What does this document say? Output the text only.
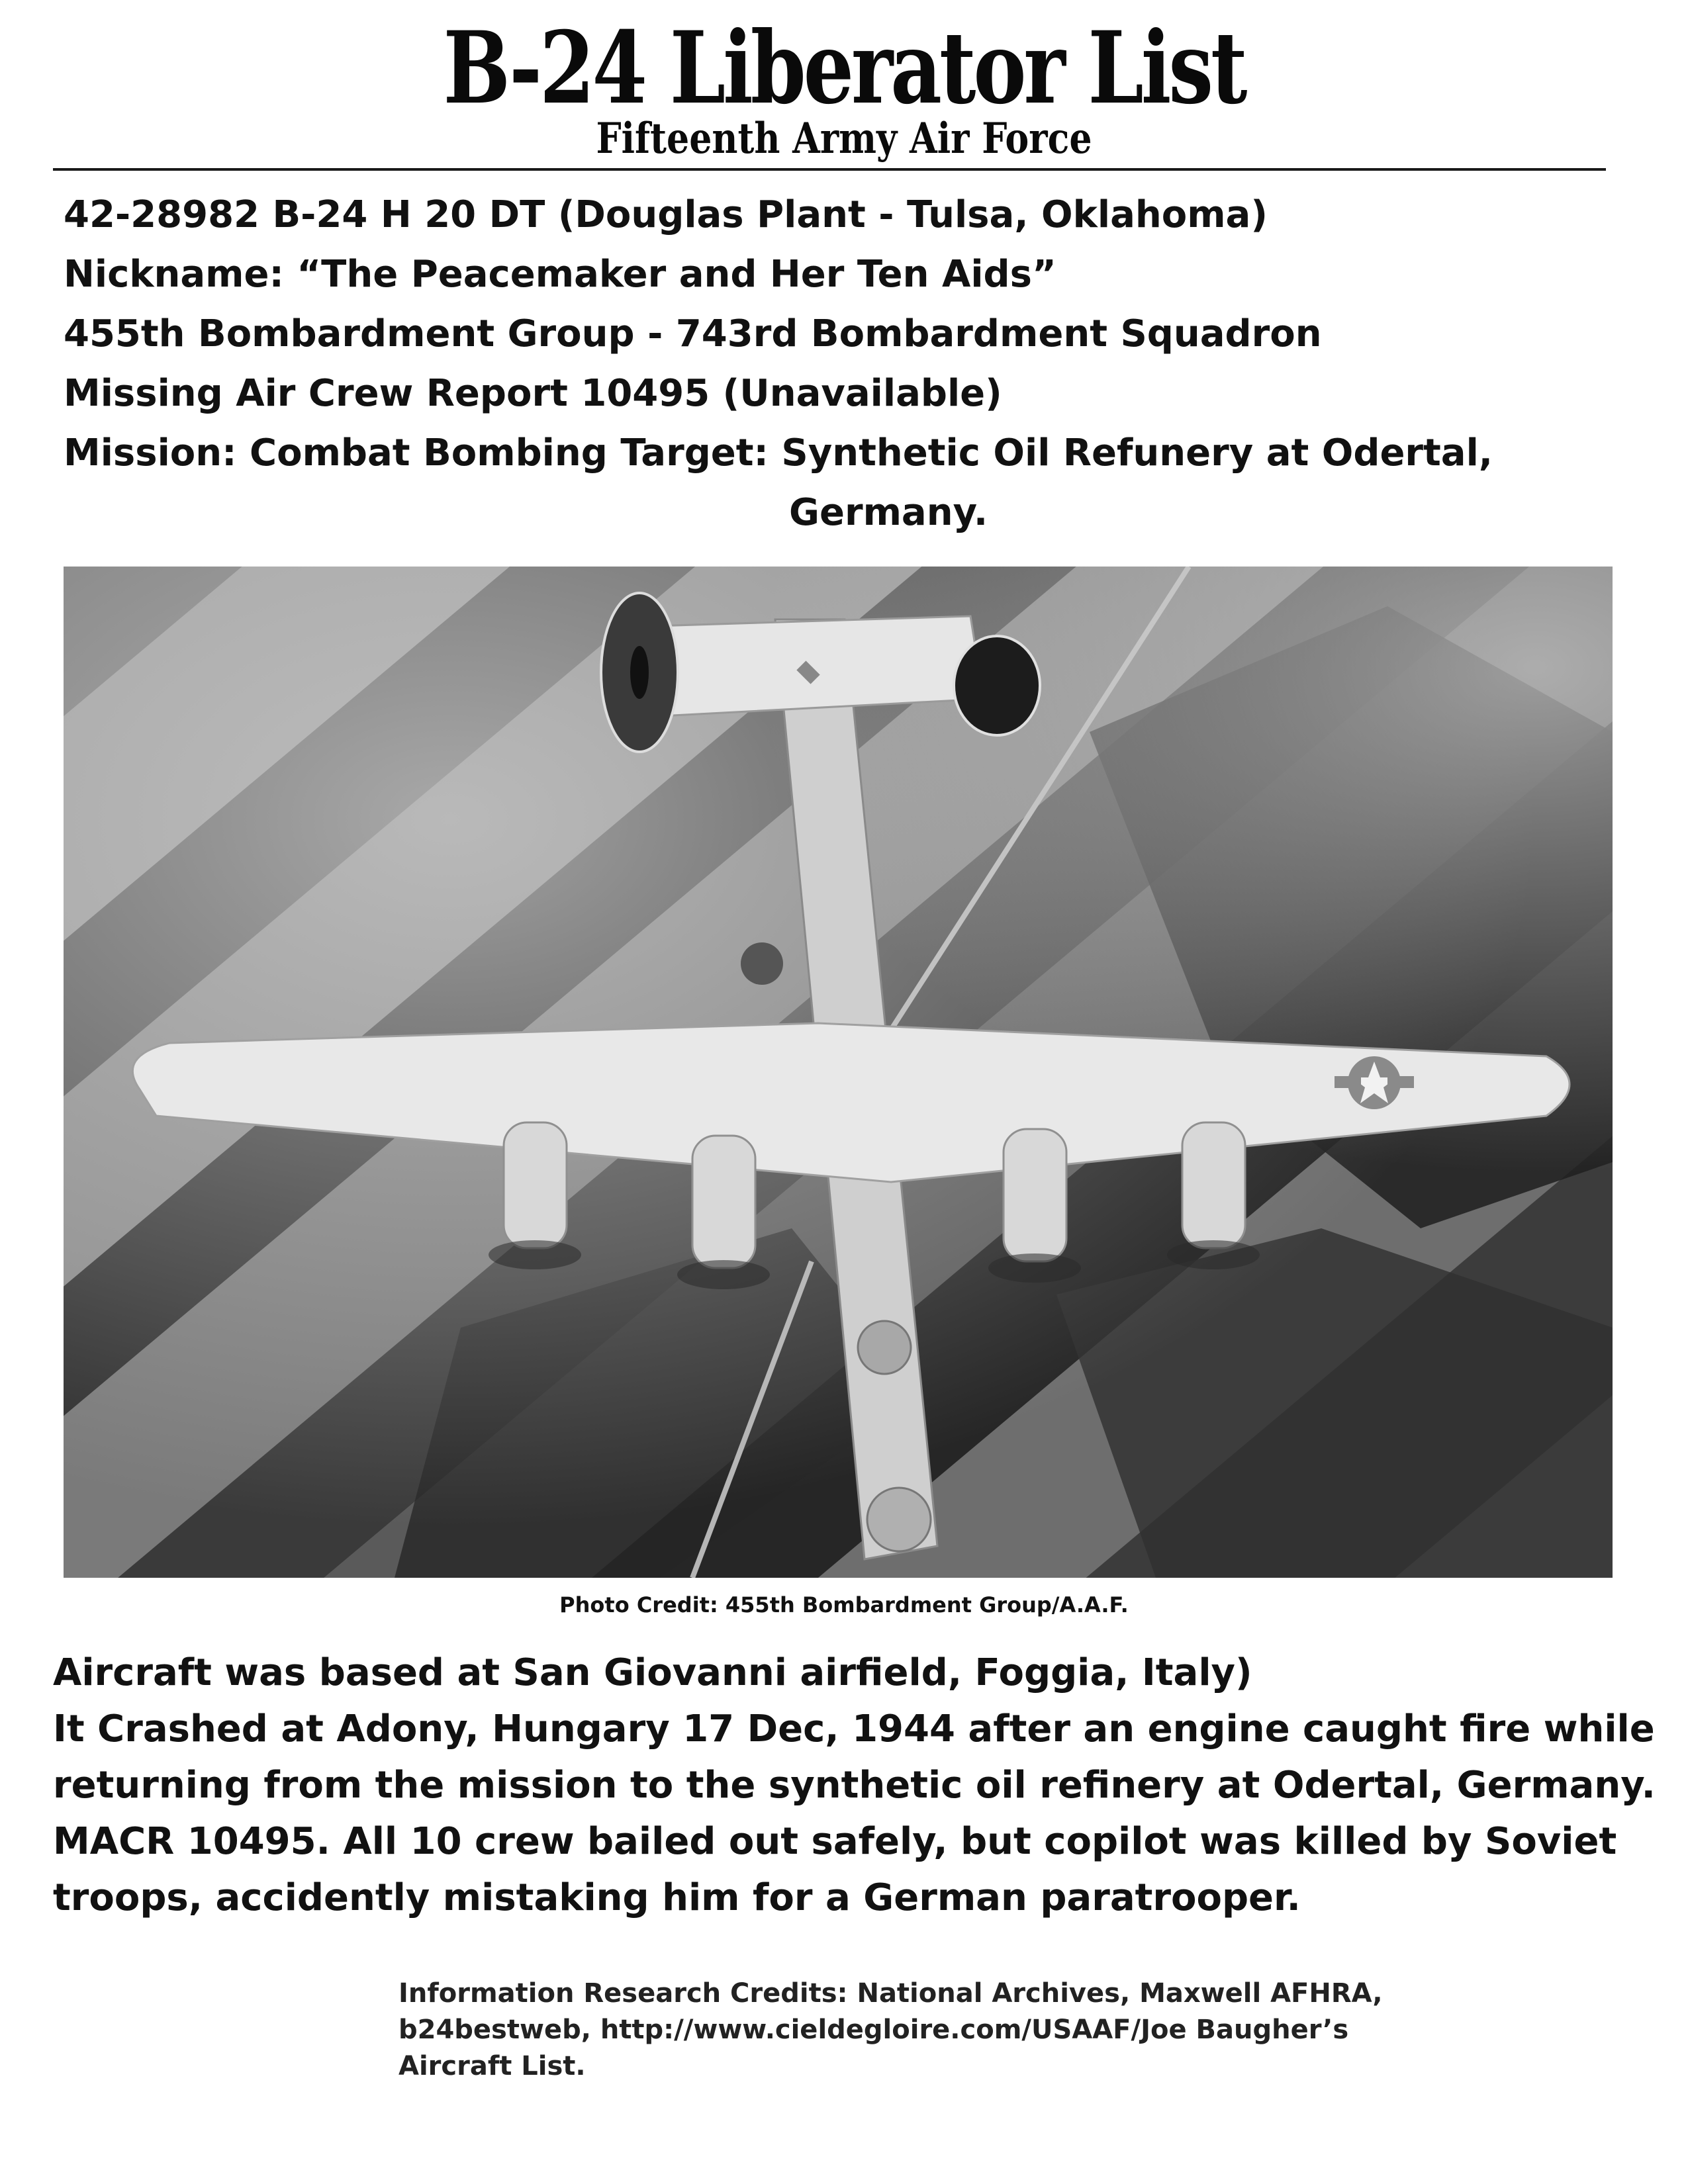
B-24 Liberator List
Fifteenth Army Air Force
42-28982 B-24 H 20 DT (Douglas Plant - Tulsa, Oklahoma)
Nickname: “The Peacemaker and Her Ten Aids”
455th Bombardment Group - 743rd Bombardment Squadron
Missing Air Crew Report 10495 (Unavailable)
Mission: Combat Bombing Target: Synthetic Oil Refunery at Odertal,
Germany.
Photo Credit: 455th Bombardment Group/A.A.F.
Aircraft was based at San Giovanni airfield, Foggia, Italy)
It Crashed at Adony, Hungary 17 Dec, 1944 after an engine caught fire while
returning from the mission to the synthetic oil refinery at Odertal, Germany.
MACR 10495. All 10 crew bailed out safely, but copilot was killed by Soviet
troops, accidently mistaking him for a German paratrooper.
Information Research Credits: National Archives, Maxwell AFHRA,
b24bestweb, http://www.cieldegloire.com/USAAF/Joe Baugher’s
Aircraft List.
